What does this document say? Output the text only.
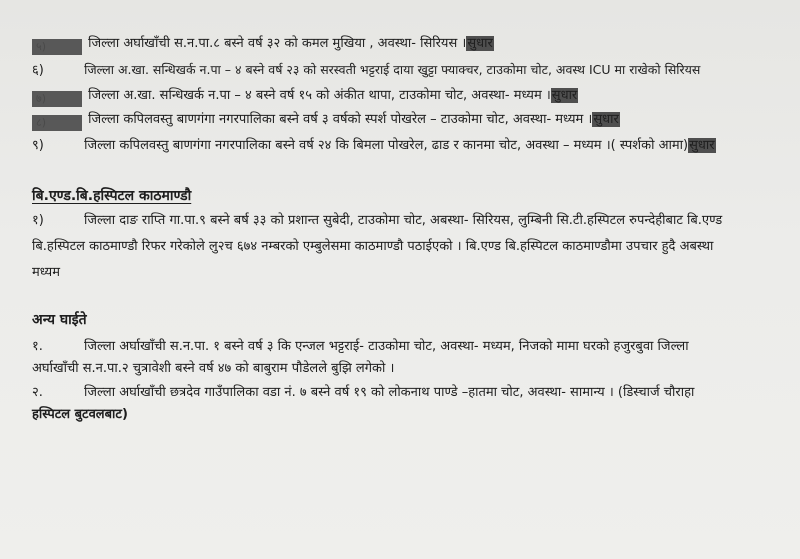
५)	जिल्ला अर्घाखाँची स.न.पा.८ बस्ने वर्ष ३२ को कमल मुखिया , अवस्था- सिरियस ।सुधार
६)	जिल्ला अ.खा. सन्धिखर्क न.पा – ४ बस्ने वर्ष २३ को सरस्वती भट्टराई दाया खुट्टा फ्याक्चर, टाउकोमा चोट, अवस्थ ICU मा राखेको सिरियस
७)	जिल्ला अ.खा. सन्धिखर्क न.पा – ४ बस्ने वर्ष १५ को अंकीत थापा, टाउकोमा चोट, अवस्था- मध्यम ।सुधार
८)	जिल्ला कपिलवस्तु बाणगंगा नगरपालिका बस्ने वर्ष ३ वर्षको स्पर्श पोखरेल – टाउकोमा चोट, अवस्था- मध्यम ।सुधार
९)	जिल्ला कपिलवस्तु बाणगंगा नगरपालिका बस्ने वर्ष २४ कि बिमला पोखरेल, ढाड र कानमा चोट, अवस्था – मध्यम ।( स्पर्शको आमा)सुधार
बि.एण्ड.बि.हस्पिटल काठमाण्डौ
१)	जिल्ला दाङ राप्ति गा.पा.९ बस्ने बर्ष ३३ को प्रशान्त सुबेदी, टाउकोमा चोट, अबस्था- सिरियस, लुम्बिनी सि.टी.हस्पिटल रुपन्देहीबाट बि.एण्ड
बि.हस्पिटल काठमाण्डौ रिफर गरेकोले लु२च ६७४ नम्बरको एम्बुलेसमा काठमाण्डौ पठाईएको । बि.एण्ड बि.हस्पिटल काठमाण्डौमा उपचार हुदै अबस्था
मध्यम
अन्य घाईते
१.	जिल्ला अर्घाखाँची स.न.पा. १ बस्ने वर्ष ३ कि एन्जल भट्टराई- टाउकोमा चोट, अवस्था- मध्यम, निजको मामा घरको हजुरबुवा जिल्ला
अर्घाखाँची स.न.पा.२ चुत्रावेशी बस्ने वर्ष ४७ को बाबुराम पौडेलले बुझि लगेको ।
२.	जिल्ला अर्घाखाँची छत्रदेव गाउँपालिका वडा नं. ७ बस्ने वर्ष १९ को लोकनाथ पाण्डे –हातमा चोट, अवस्था- सामान्य । (डिस्चार्ज चौराहा
हस्पिटल बुटवलबाट)
